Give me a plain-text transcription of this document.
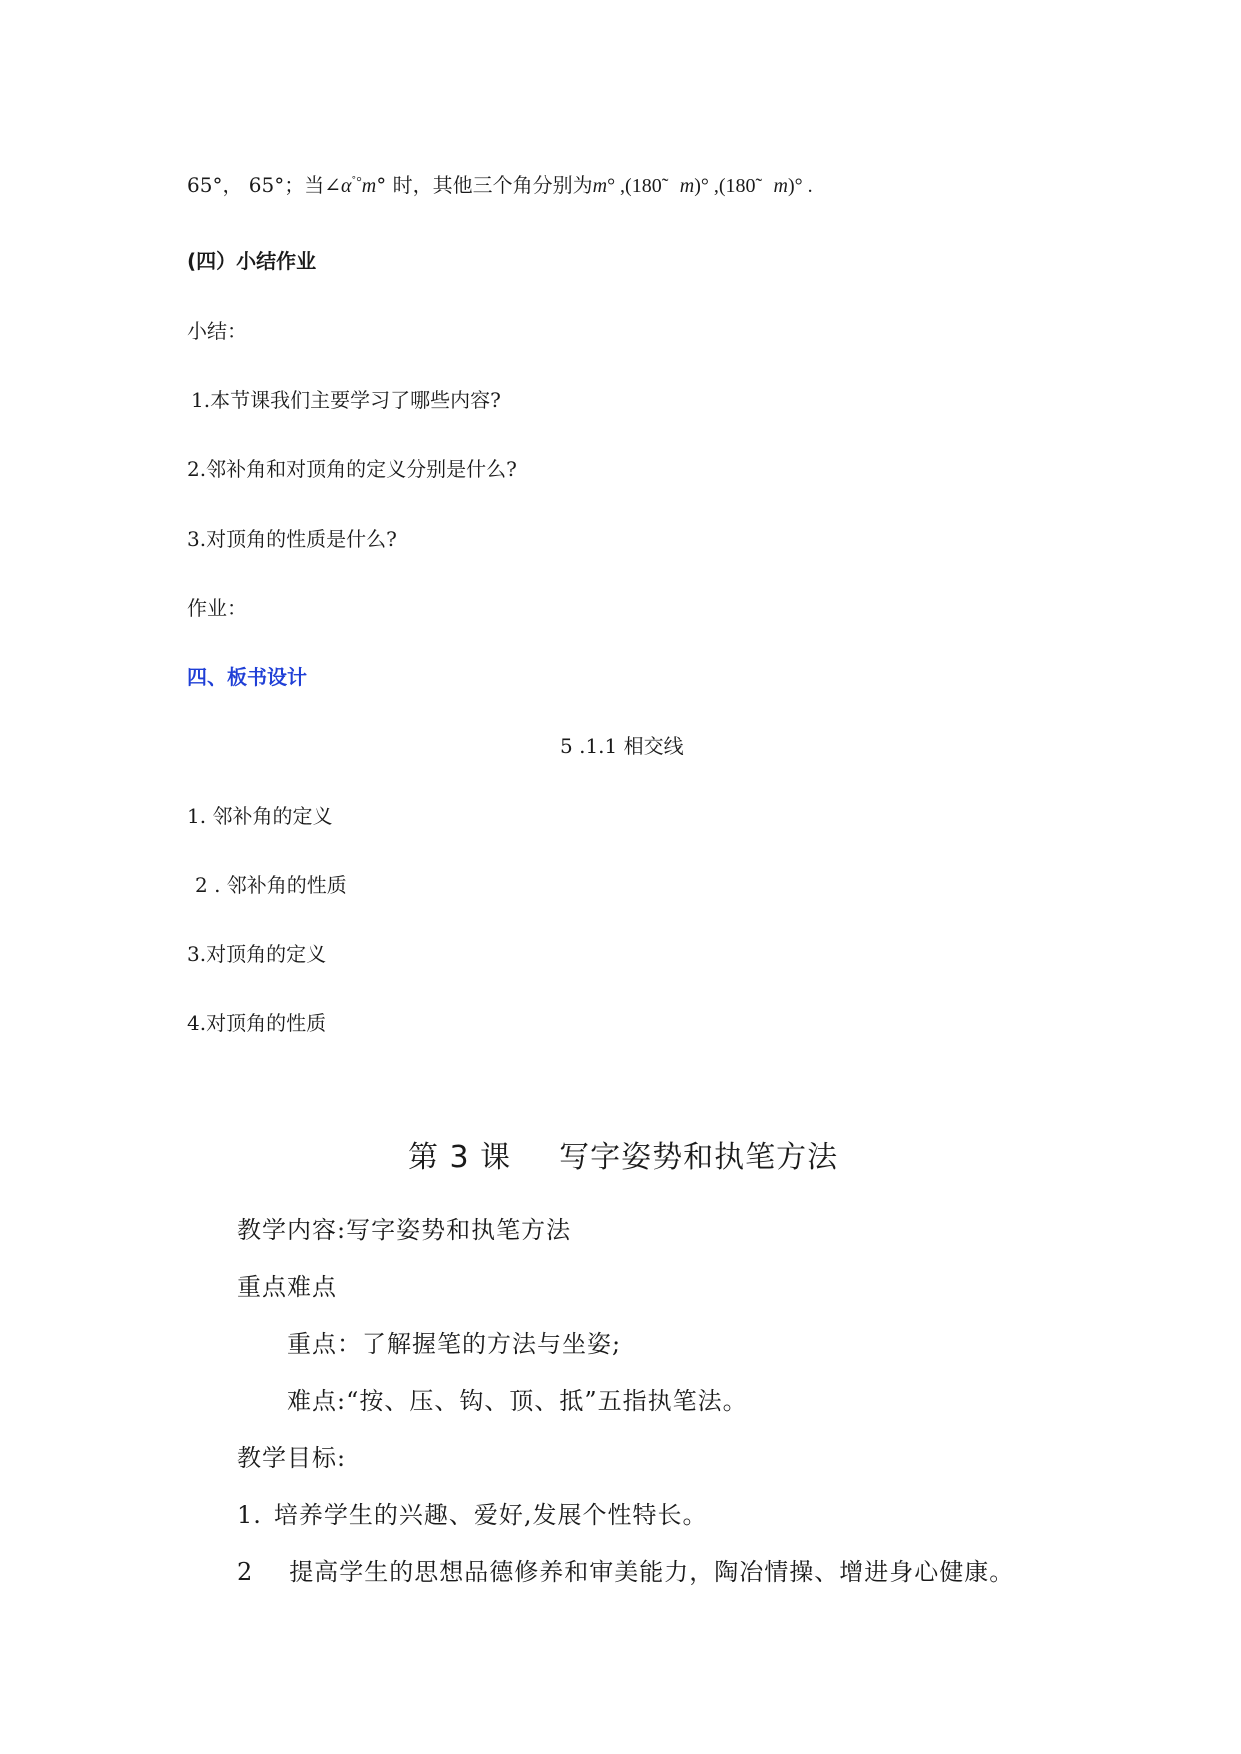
65°， 65°；当∠α˚°m° 时，其他三个角分别为m° ,(180̃ m)° ,(180̃ m)° .
(四）小结作业
小结：
1.本节课我们主要学习了哪些内容?
2.邻补角和对顶角的定义分别是什么?
3.对顶角的性质是什么?
作业：
四、板书设计
5 .1.1 相交线
1. 邻补角的定义
2 . 邻补角的性质
3.对顶角的定义
4.对顶角的性质
第 3 课 写字姿势和执笔方法
教学内容:写字姿势和执笔方法
重点难点
重点：了解握笔的方法与坐姿;
难点:“按、压、钩、顶、抵”五指执笔法。
教学目标:
1. 培养学生的兴趣、爱好,发展个性特长。
2 提高学生的思想品德修养和审美能力，陶冶情操、增进身心健康。
